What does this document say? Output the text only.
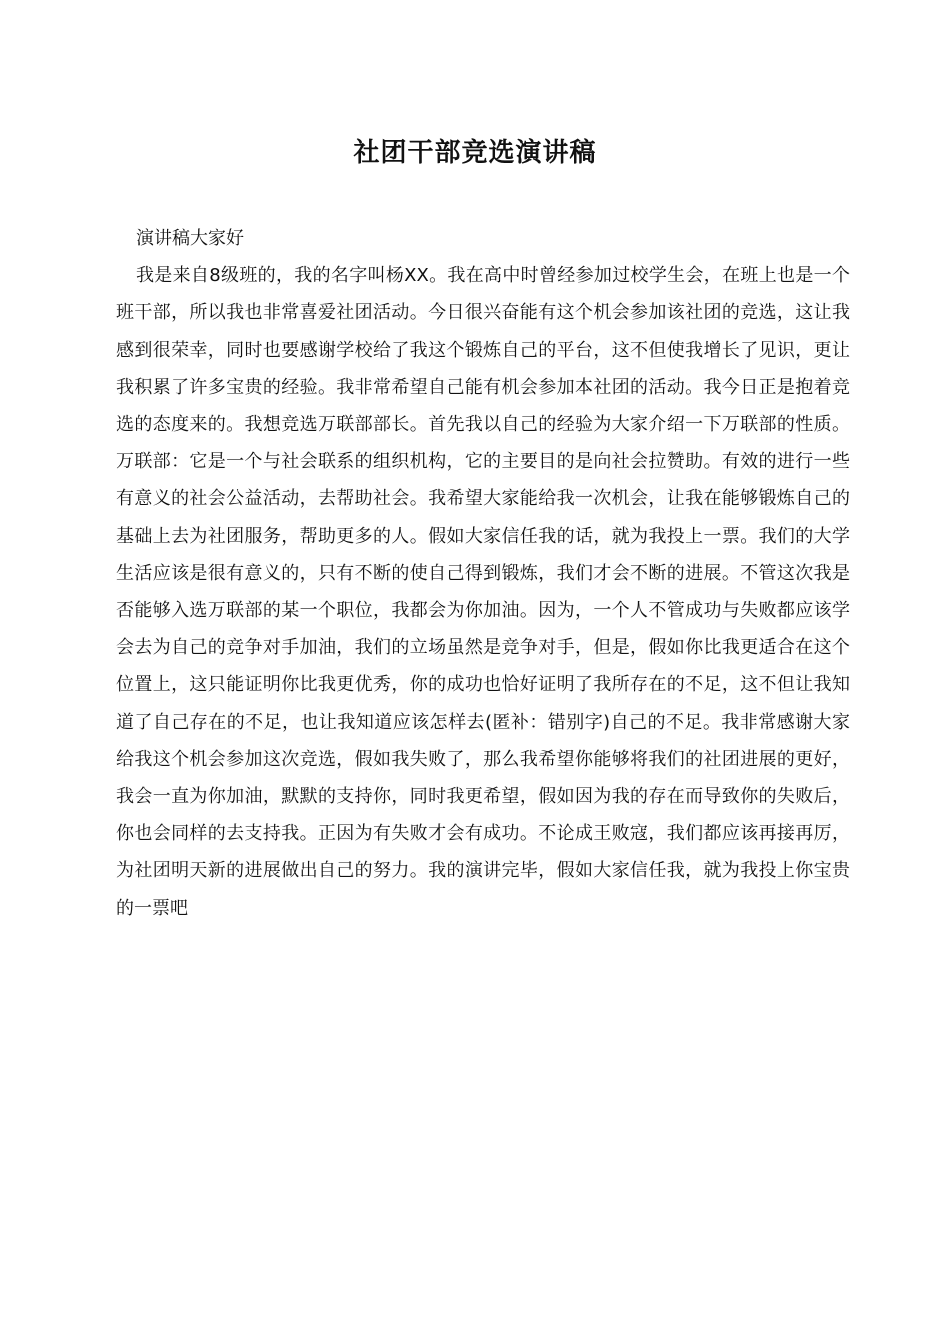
社团干部竞选演讲稿

演讲稿大家好

我是来自8级班的，我的名字叫杨XX。我在高中时曾经参加过校学生会，在班上也是一个班干部，所以我也非常喜爱社团活动。今日很兴奋能有这个机会参加该社团的竞选，这让我感到很荣幸，同时也要感谢学校给了我这个锻炼自己的平台，这不但使我增长了见识，更让我积累了许多宝贵的经验。我非常希望自己能有机会参加本社团的活动。我今日正是抱着竞选的态度来的。我想竞选万联部部长。首先我以自己的经验为大家介绍一下万联部的性质。万联部：它是一个与社会联系的组织机构，它的主要目的是向社会拉赞助。有效的进行一些有意义的社会公益活动，去帮助社会。我希望大家能给我一次机会，让我在能够锻炼自己的基础上去为社团服务，帮助更多的人。假如大家信任我的话，就为我投上一票。我们的大学生活应该是很有意义的，只有不断的使自己得到锻炼，我们才会不断的进展。不管这次我是否能够入选万联部的某一个职位，我都会为你加油。因为，一个人不管成功与失败都应该学会去为自己的竞争对手加油，我们的立场虽然是竞争对手，但是，假如你比我更适合在这个位置上，这只能证明你比我更优秀，你的成功也恰好证明了我所存在的不足，这不但让我知道了自己存在的不足，也让我知道应该怎样去(匿补：错别字)自己的不足。我非常感谢大家给我这个机会参加这次竞选，假如我失败了，那么我希望你能够将我们的社团进展的更好，我会一直为你加油，默默的支持你，同时我更希望，假如因为我的存在而导致你的失败后，你也会同样的去支持我。正因为有失败才会有成功。不论成王败寇，我们都应该再接再厉，为社团明天新的进展做出自己的努力。我的演讲完毕，假如大家信任我，就为我投上你宝贵的一票吧
